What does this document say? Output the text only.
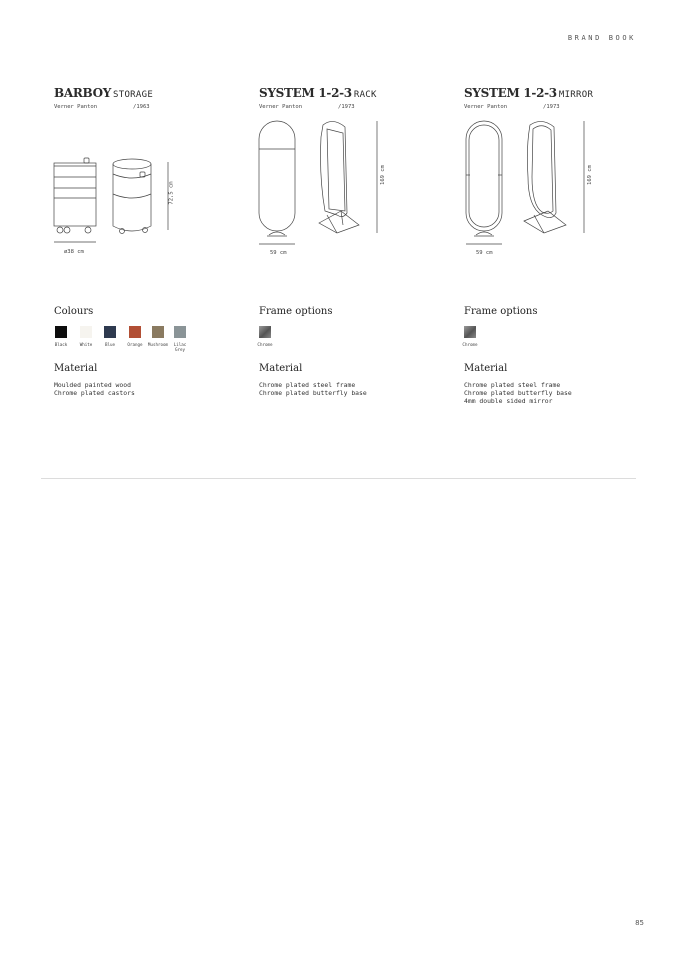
BRAND BOOK
BARBOY STORAGE
Verner Panton	/1963
72,5 cm
ø38 cm
SYSTEM 1-2-3 RACK
Verner Panton	/1973
169 cm
59 cm
SYSTEM 1-2-3 MIRROR
Verner Panton	/1973
169 cm
59 cm
Colours	Frame options	Frame options
Black	White	Blue	Orange	Mushroom	Lilac Grey
Chrome	Chrome
Material	Material	Material
Moulded painted wood
Chrome plated castors
Chrome plated steel frame
Chrome plated butterfly base
Chrome plated steel frame
Chrome plated butterfly base
4mm double sided mirror
85
